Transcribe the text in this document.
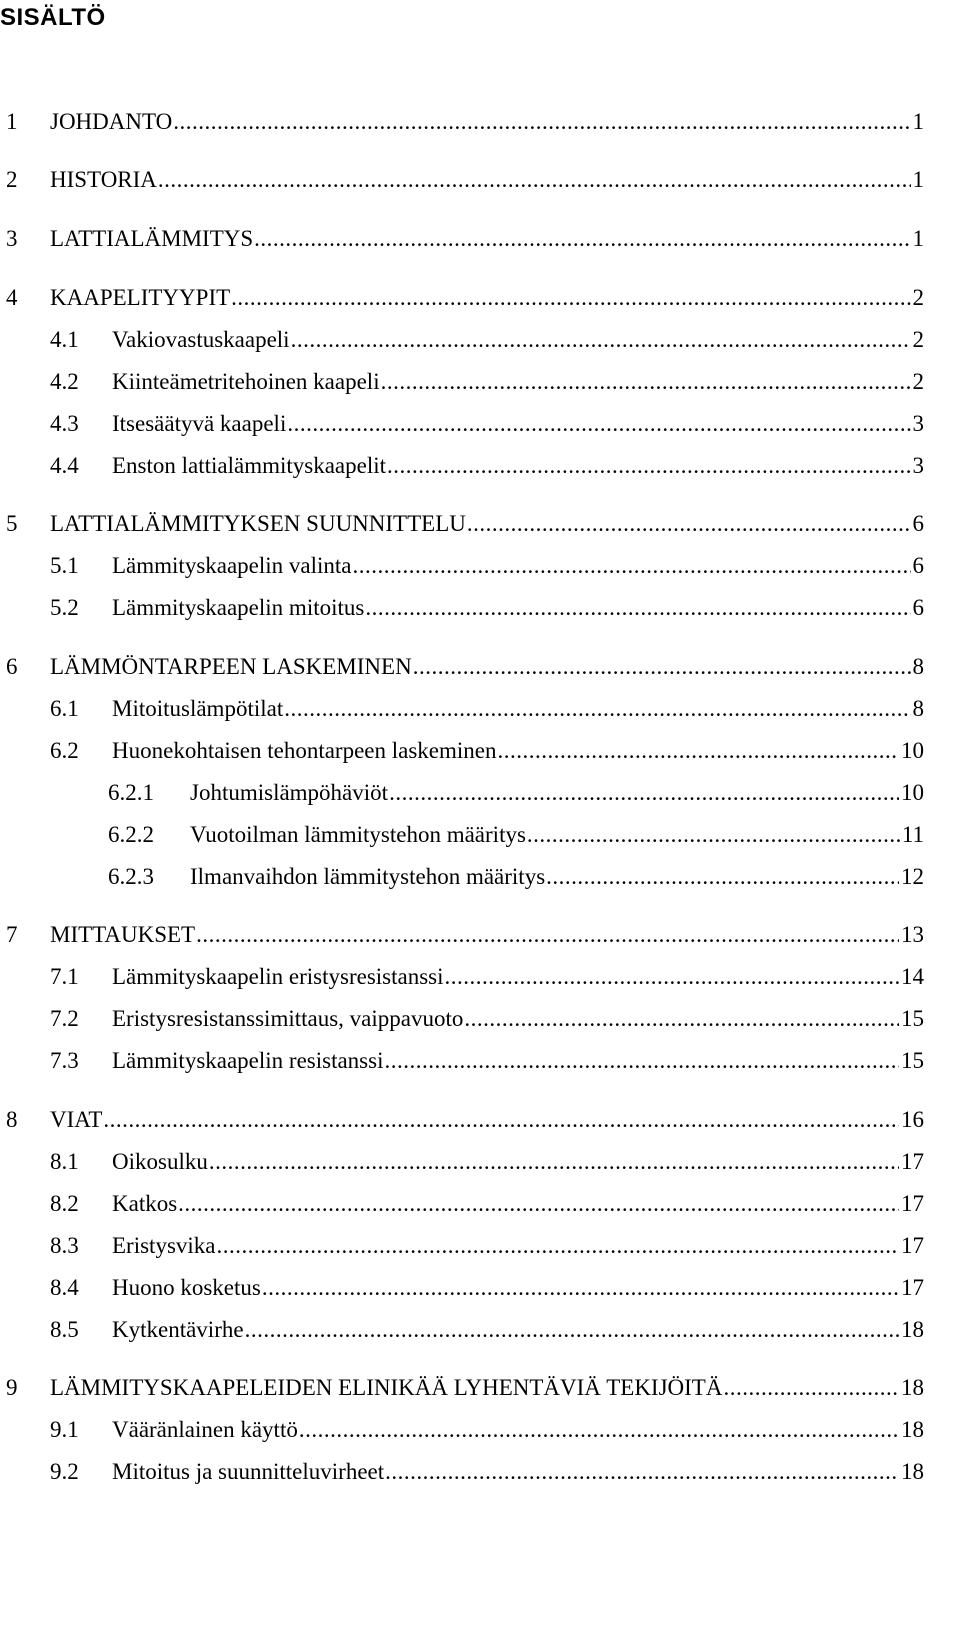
SISÄLTÖ
1 JOHDANTO .....	1
2 HISTORIA .....	1
3 LATTIALÄMMITYS .....	1
4 KAAPELITYYPIT .....	2
4.1 Vakiovastuskaapeli .....	2
4.2 Kiinteämetritehoinen kaapeli .....	2
4.3 Itsesäätyvä kaapeli .....	3
4.4 Enston lattialämmityskaapelit .....	3
5 LATTIALÄMMITYKSEN SUUNNITTELU .....	6
5.1 Lämmityskaapelin valinta .....	6
5.2 Lämmityskaapelin mitoitus .....	6
6 LÄMMÖNTARPEEN LASKEMINEN .....	8
6.1 Mitoituslämpötilat .....	8
6.2 Huonekohtaisen tehontarpeen laskeminen .....	10
6.2.1 Johtumislämpöhäviöt .....	10
6.2.2 Vuotoilman lämmitystehon määritys .....	11
6.2.3 Ilmanvaihdon lämmitystehon määritys .....	12
7 MITTAUKSET .....	13
7.1 Lämmityskaapelin eristysresistanssi .....	14
7.2 Eristysresistanssimittaus, vaippavuoto .....	15
7.3 Lämmityskaapelin resistanssi .....	15
8 VIAT .....	16
8.1 Oikosulku .....	17
8.2 Katkos .....	17
8.3 Eristysvika .....	17
8.4 Huono kosketus .....	17
8.5 Kytkentävirhe .....	18
9 LÄMMITYSKAAPELEIDEN ELINIKÄÄ LYHENTÄVIÄ TEKIJÖITÄ .....	18
9.1 Vääränlainen käyttö .....	18
9.2 Mitoitus ja suunnitteluvirheet .....	18
